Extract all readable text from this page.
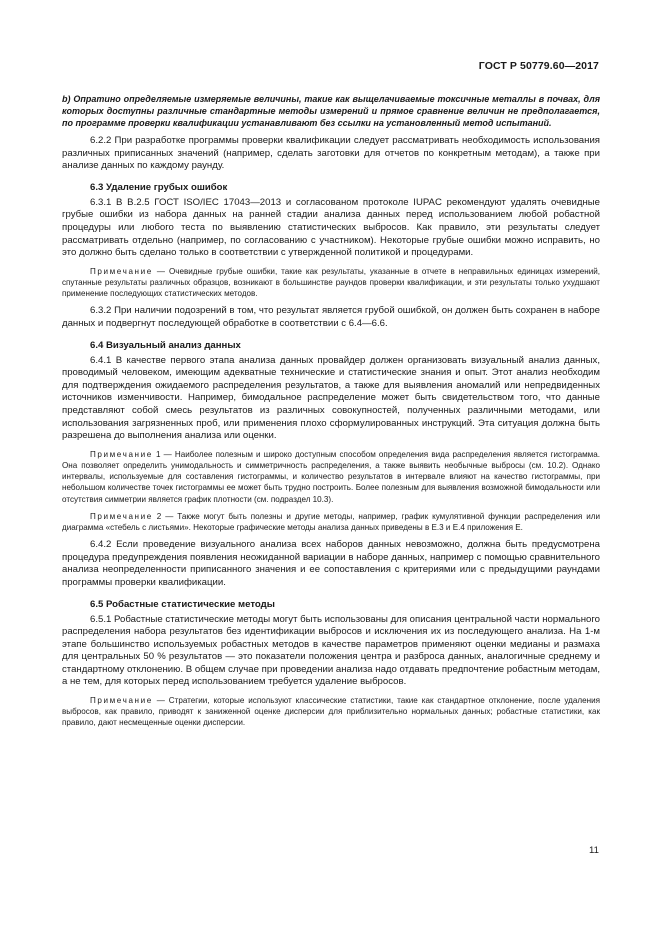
ГОСТ Р 50779.60—2017

b) Опратино определяемые измеряемые величины, такие как выщелачиваемые токсичные металлы в почвах, для которых доступны различные стандартные методы измерений и прямое сравнение величин не предполагается, по программе проверки квалификации устанавливают без ссылки на установленный метод испытаний.

6.2.2 При разработке программы проверки квалификации следует рассматривать необходимость использования различных приписанных значений (например, сделать заготовки для отчетов по конкретным методам), а также при анализе данных по каждому раунду.

6.3 Удаление грубых ошибок

6.3.1 В В.2.5 ГОСТ ISO/IEC 17043—2013 и согласованом протоколе IUPAC рекомендуют удалять очевидные грубые ошибки из набора данных на ранней стадии анализа данных перед использованием любой робастной процедуры или любого теста по выявлению статистических выбросов. Как правило, эти результаты следует рассматривать отдельно (например, по согласованию с участником). Некоторые грубые ошибки можно исправить, но это должно быть сделано только в соответствии с утвержденной политикой и процедурами.

Примечание — Очевидные грубые ошибки, такие как результаты, указанные в отчете в неправильных единицах измерений, спутанные результаты различных образцов, возникают в большинстве раундов проверки квалификации, и эти результаты только ухудшают применение последующих статистических методов.

6.3.2 При наличии подозрений в том, что результат является грубой ошибкой, он должен быть сохранен в наборе данных и подвергнут последующей обработке в соответствии с 6.4—6.6.

6.4 Визуальный анализ данных

6.4.1 В качестве первого этапа анализа данных провайдер должен организовать визуальный анализ данных, проводимый человеком, имеющим адекватные технические и статистические знания и опыт. Этот анализ необходим для подтверждения ожидаемого распределения результатов, а также для выявления аномалий или непредвиденных источников изменчивости. Например, бимодальное распределение может быть свидетельством того, что данные представляют собой смесь результатов из различных совокупностей, полученных различными методами, или использования загрязненных проб, или применения плохо сформулированных инструкций. Эта ситуация должна быть разрешена до выполнения анализа или оценки.

Примечание 1 — Наиболее полезным и широко доступным способом определения вида распределения является гистограмма. Она позволяет определить унимодальность и симметричность распределения, а также выявить необычные выбросы (см. 10.2). Однако интервалы, используемые для составления гистограммы, и количество результатов в интервале влияют на качество гистограммы, при небольшом количестве точек гистограммы ее может быть трудно построить. Более полезным для выявления возможной бимодальности или отсутствия симметрии является график плотности (см. подраздел 10.3).

Примечание 2 — Также могут быть полезны и другие методы, например, график кумулятивной функции распределения или диаграмма «стебель с листьями». Некоторые графические методы анализа данных приведены в Е.3 и Е.4 приложения Е.

6.4.2 Если проведение визуального анализа всех наборов данных невозможно, должна быть предусмотрена процедура предупреждения появления неожиданной вариации в наборе данных, например с помощью сравнительного анализа неопределенности приписанного значения и ее сопоставления с критериями или с предыдущими раундами программы проверки квалификации.

6.5 Робастные статистические методы

6.5.1 Робастные статистические методы могут быть использованы для описания центральной части нормального распределения набора результатов без идентификации выбросов и исключения их из последующего анализа. На 1-м этапе большинство используемых робастных методов в качестве параметров применяют оценки медианы и размаха для центральных 50 % результатов — это показатели положения центра и разброса данных, аналогичные среднему и стандартному отклонению. В общем случае при проведении анализа надо отдавать предпочтение робастным методам, а не тем, для которых перед использованием требуется удаление выбросов.

Примечание — Стратегии, которые используют классические статистики, такие как стандартное отклонение, после удаления выбросов, как правило, приводят к заниженной оценке дисперсии для приблизительно нормальных данных; робастные статистики, как правило, дают несмещенные оценки дисперсии.

11
